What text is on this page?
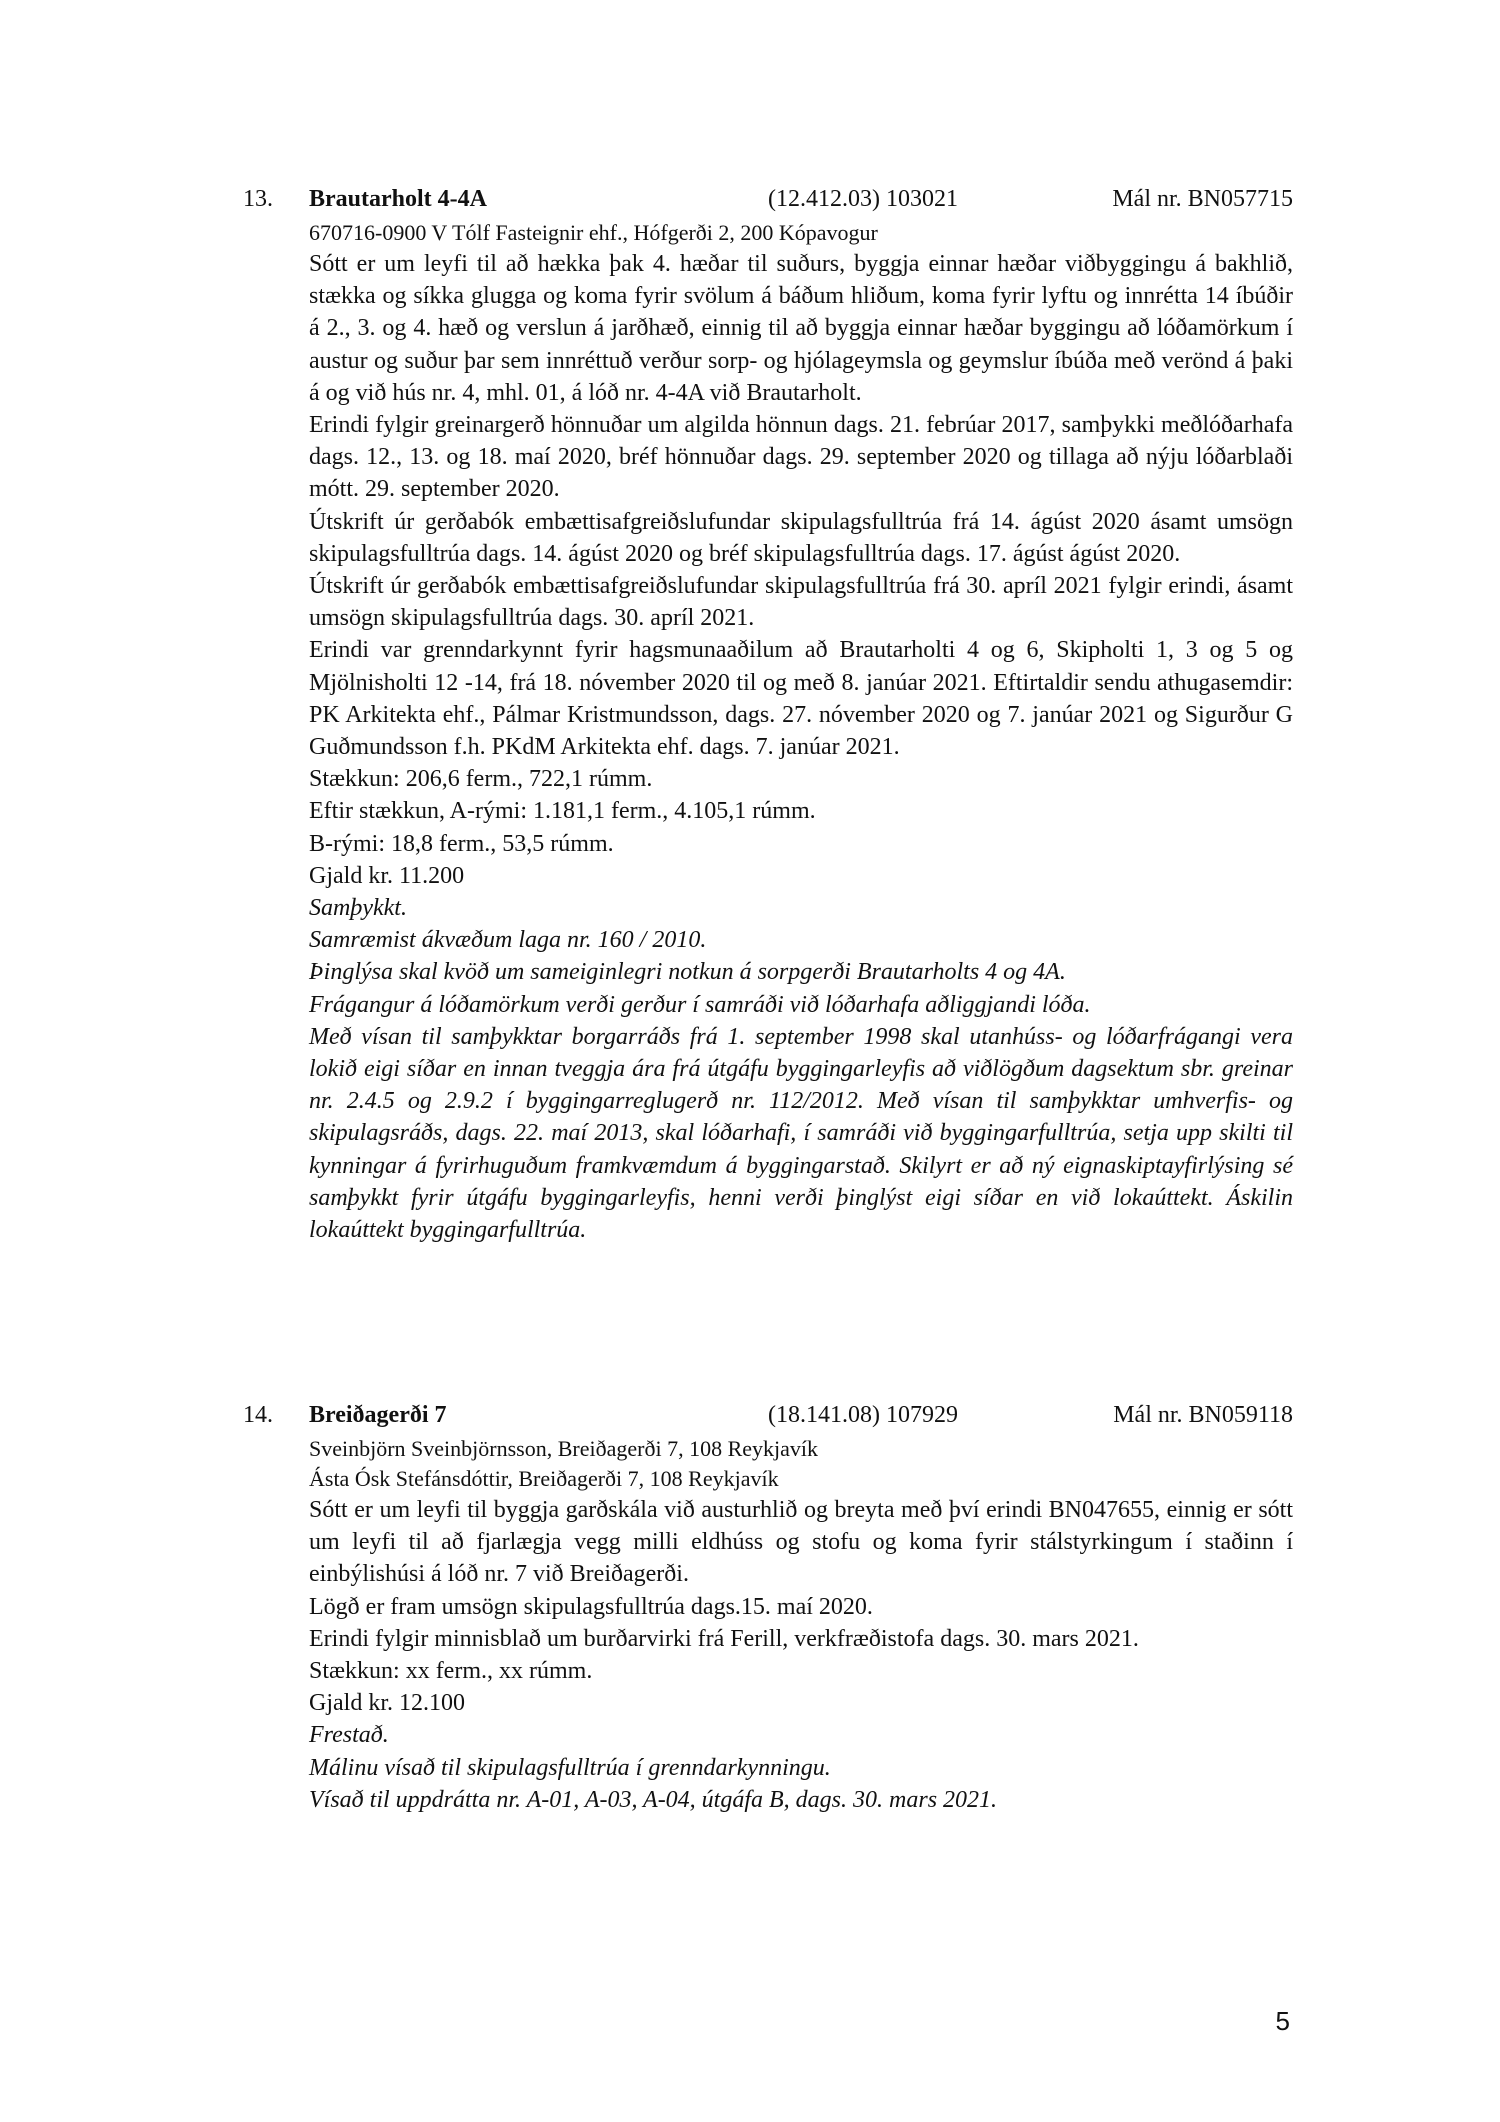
13. Brautarholt 4-4A	(12.412.03) 103021	Mál nr. BN057715
670716-0900 V Tólf Fasteignir ehf., Hófgerði 2, 200 Kópavogur
Sótt er um leyfi til að hækka þak 4. hæðar til suðurs, byggja einnar hæðar viðbyggingu á bakhlið, stækka og síkka glugga og koma fyrir svölum á báðum hliðum, koma fyrir lyftu og innrétta 14 íbúðir á 2., 3. og 4. hæð og verslun á jarðhæð, einnig til að byggja einnar hæðar byggingu að lóðamörkum í austur og suður þar sem innréttuð verður sorp- og hjólageymsla og geymslur íbúða með verönd á þaki á og við hús nr. 4, mhl. 01, á lóð nr. 4-4A við Brautarholt.
Erindi fylgir greinargerð hönnuðar um algilda hönnun dags. 21. febrúar 2017, samþykki meðlóðarhafa dags. 12., 13. og 18. maí 2020, bréf hönnuðar dags. 29. september 2020 og tillaga að nýju lóðarblaði mótt. 29. september 2020.
Útskrift úr gerðabók embættisafgreiðslufundar skipulagsfulltrúa frá 14. ágúst 2020 ásamt umsögn skipulagsfulltrúa dags. 14. ágúst 2020 og bréf skipulagsfulltrúa dags. 17. ágúst ágúst 2020.
Útskrift úr gerðabók embættisafgreiðslufundar skipulagsfulltrúa frá 30. apríl 2021 fylgir erindi, ásamt umsögn skipulagsfulltrúa dags. 30. apríl 2021.
Erindi var grenndarkynnt fyrir hagsmunaaðilum að Brautarholti 4 og 6, Skipholti 1, 3 og 5 og Mjölnisholti 12 -14, frá 18. nóvember 2020 til og með 8. janúar 2021. Eftirtaldir sendu athugasemdir: PK Arkitekta ehf., Pálmar Kristmundsson, dags. 27. nóvember 2020 og 7. janúar 2021 og Sigurður G Guðmundsson f.h. PKdM Arkitekta ehf. dags. 7. janúar 2021.
Stækkun: 206,6 ferm., 722,1 rúmm.
Eftir stækkun, A-rými: 1.181,1 ferm., 4.105,1 rúmm.
B-rými: 18,8 ferm., 53,5 rúmm.
Gjald kr. 11.200
Samþykkt.
Samræmist ákvæðum laga nr. 160 / 2010.
Þinglýsa skal kvöð um sameiginlegri notkun á sorpgerði Brautarholts 4 og 4A.
Frágangur á lóðamörkum verði gerður í samráði við lóðarhafa aðliggjandi lóða.
Með vísan til samþykktar borgarráðs frá 1. september 1998 skal utanhúss- og lóðarfrágangi vera lokið eigi síðar en innan tveggja ára frá útgáfu byggingarleyfis að viðlögðum dagsektum sbr. greinar nr. 2.4.5 og 2.9.2 í byggingarreglugerð nr. 112/2012. Með vísan til samþykktar umhverfis- og skipulagsráðs, dags. 22. maí 2013, skal lóðarhafi, í samráði við byggingarfulltrúa, setja upp skilti til kynningar á fyrirhuguðum framkvæmdum á byggingarstað. Skilyrt er að ný eignaskiptayfirlýsing sé samþykkt fyrir útgáfu byggingarleyfis, henni verði þinglýst eigi síðar en við lokaúttekt. Áskilin lokaúttekt byggingarfulltrúa.
14. Breiðagerði 7	(18.141.08) 107929	Mál nr. BN059118
Sveinbjörn Sveinbjörnsson, Breiðagerði 7, 108 Reykjavík
Ásta Ósk Stefánsdóttir, Breiðagerði 7, 108 Reykjavík
Sótt er um leyfi til byggja garðskála við austurhlið og breyta með því erindi BN047655, einnig er sótt um leyfi til að fjarlægja vegg milli eldhúss og stofu og koma fyrir stálstyrkingum í staðinn í einbýlishúsi á lóð nr. 7 við Breiðagerði.
Lögð er fram umsögn skipulagsfulltrúa dags.15. maí 2020.
Erindi fylgir minnisblað um burðarvirki frá Ferill, verkfræðistofa dags. 30. mars 2021.
Stækkun: xx ferm., xx rúmm.
Gjald kr. 12.100
Frestað.
Málinu vísað til skipulagsfulltrúa í grenndarkynningu.
Vísað til uppdrátta nr. A-01, A-03, A-04, útgáfa B, dags. 30. mars 2021.
5
